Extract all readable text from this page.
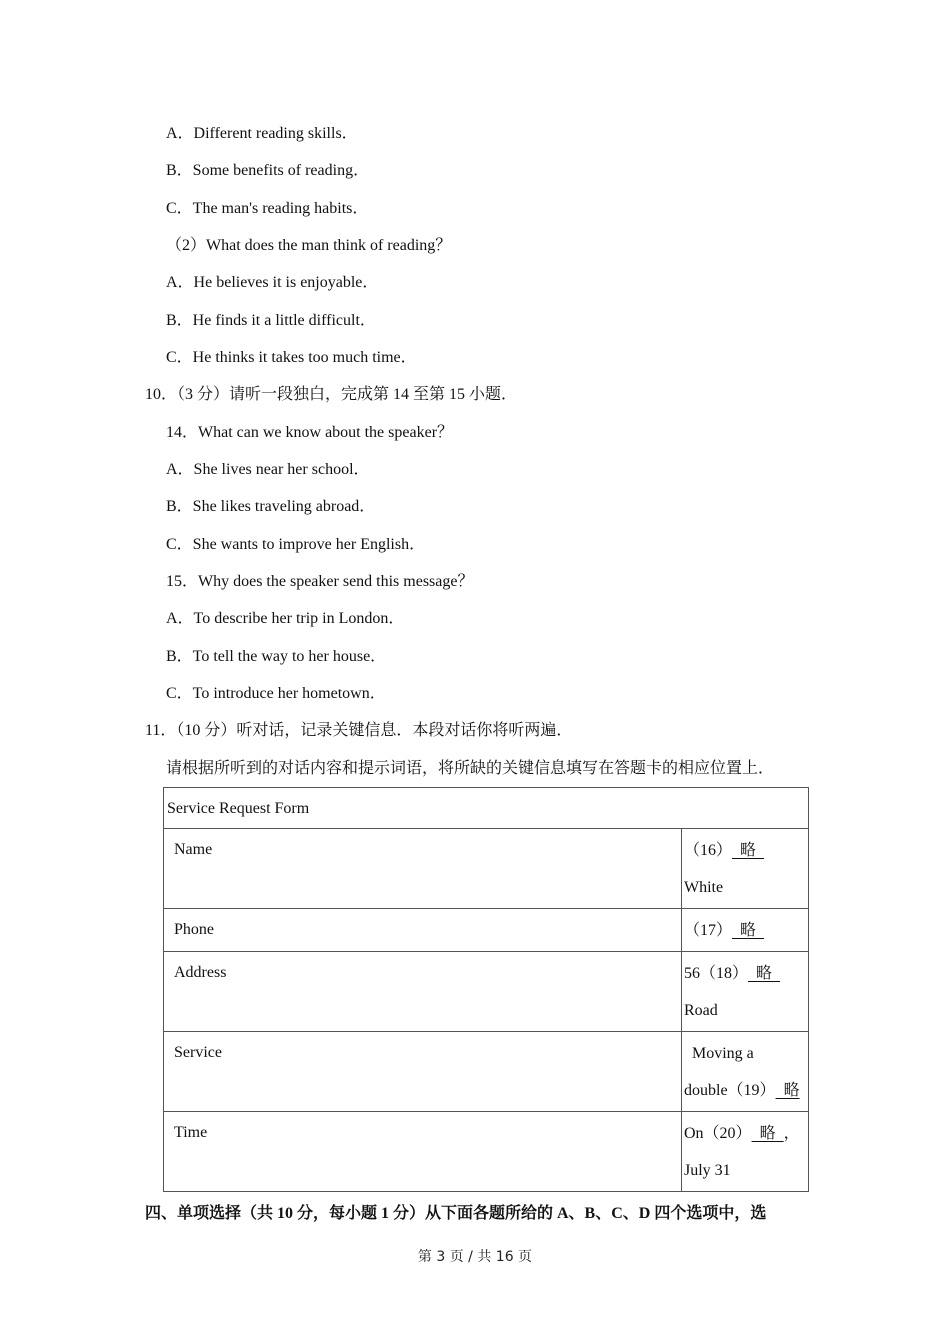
A．Different reading skills．
B．Some benefits of reading．
C．The man's reading habits．
（2）What does the man think of reading？
A．He believes it is enjoyable．
B．He finds it a little difficult．
C．He thinks it takes too much time．
10．（3 分）请听一段独白，完成第 14 至第 15 小题．
14．What can we know about the speaker？
A．She lives near her school．
B．She likes traveling abroad．
C．She wants to improve her English．
15．Why does the speaker send this message？
A．To describe her trip in London．
B．To tell the way to her house．
C．To introduce her hometown．
11．（10 分）听对话，记录关键信息．本段对话你将听两遍．
请根据所听到的对话内容和提示词语，将所缺的关键信息填写在答题卡的相应位置上．
Service Request Form	
Name	（16）  略
White

Phone	（17）  略

Address	56（18）  略
Road

Service	Moving a
double（19）  略

Time	On（20）  略  ，
July 31
四、单项选择（共 10 分，每小题 1 分）从下面各题所给的 A、B、C、D 四个选项中，选
第 3 页 / 共 16 页
